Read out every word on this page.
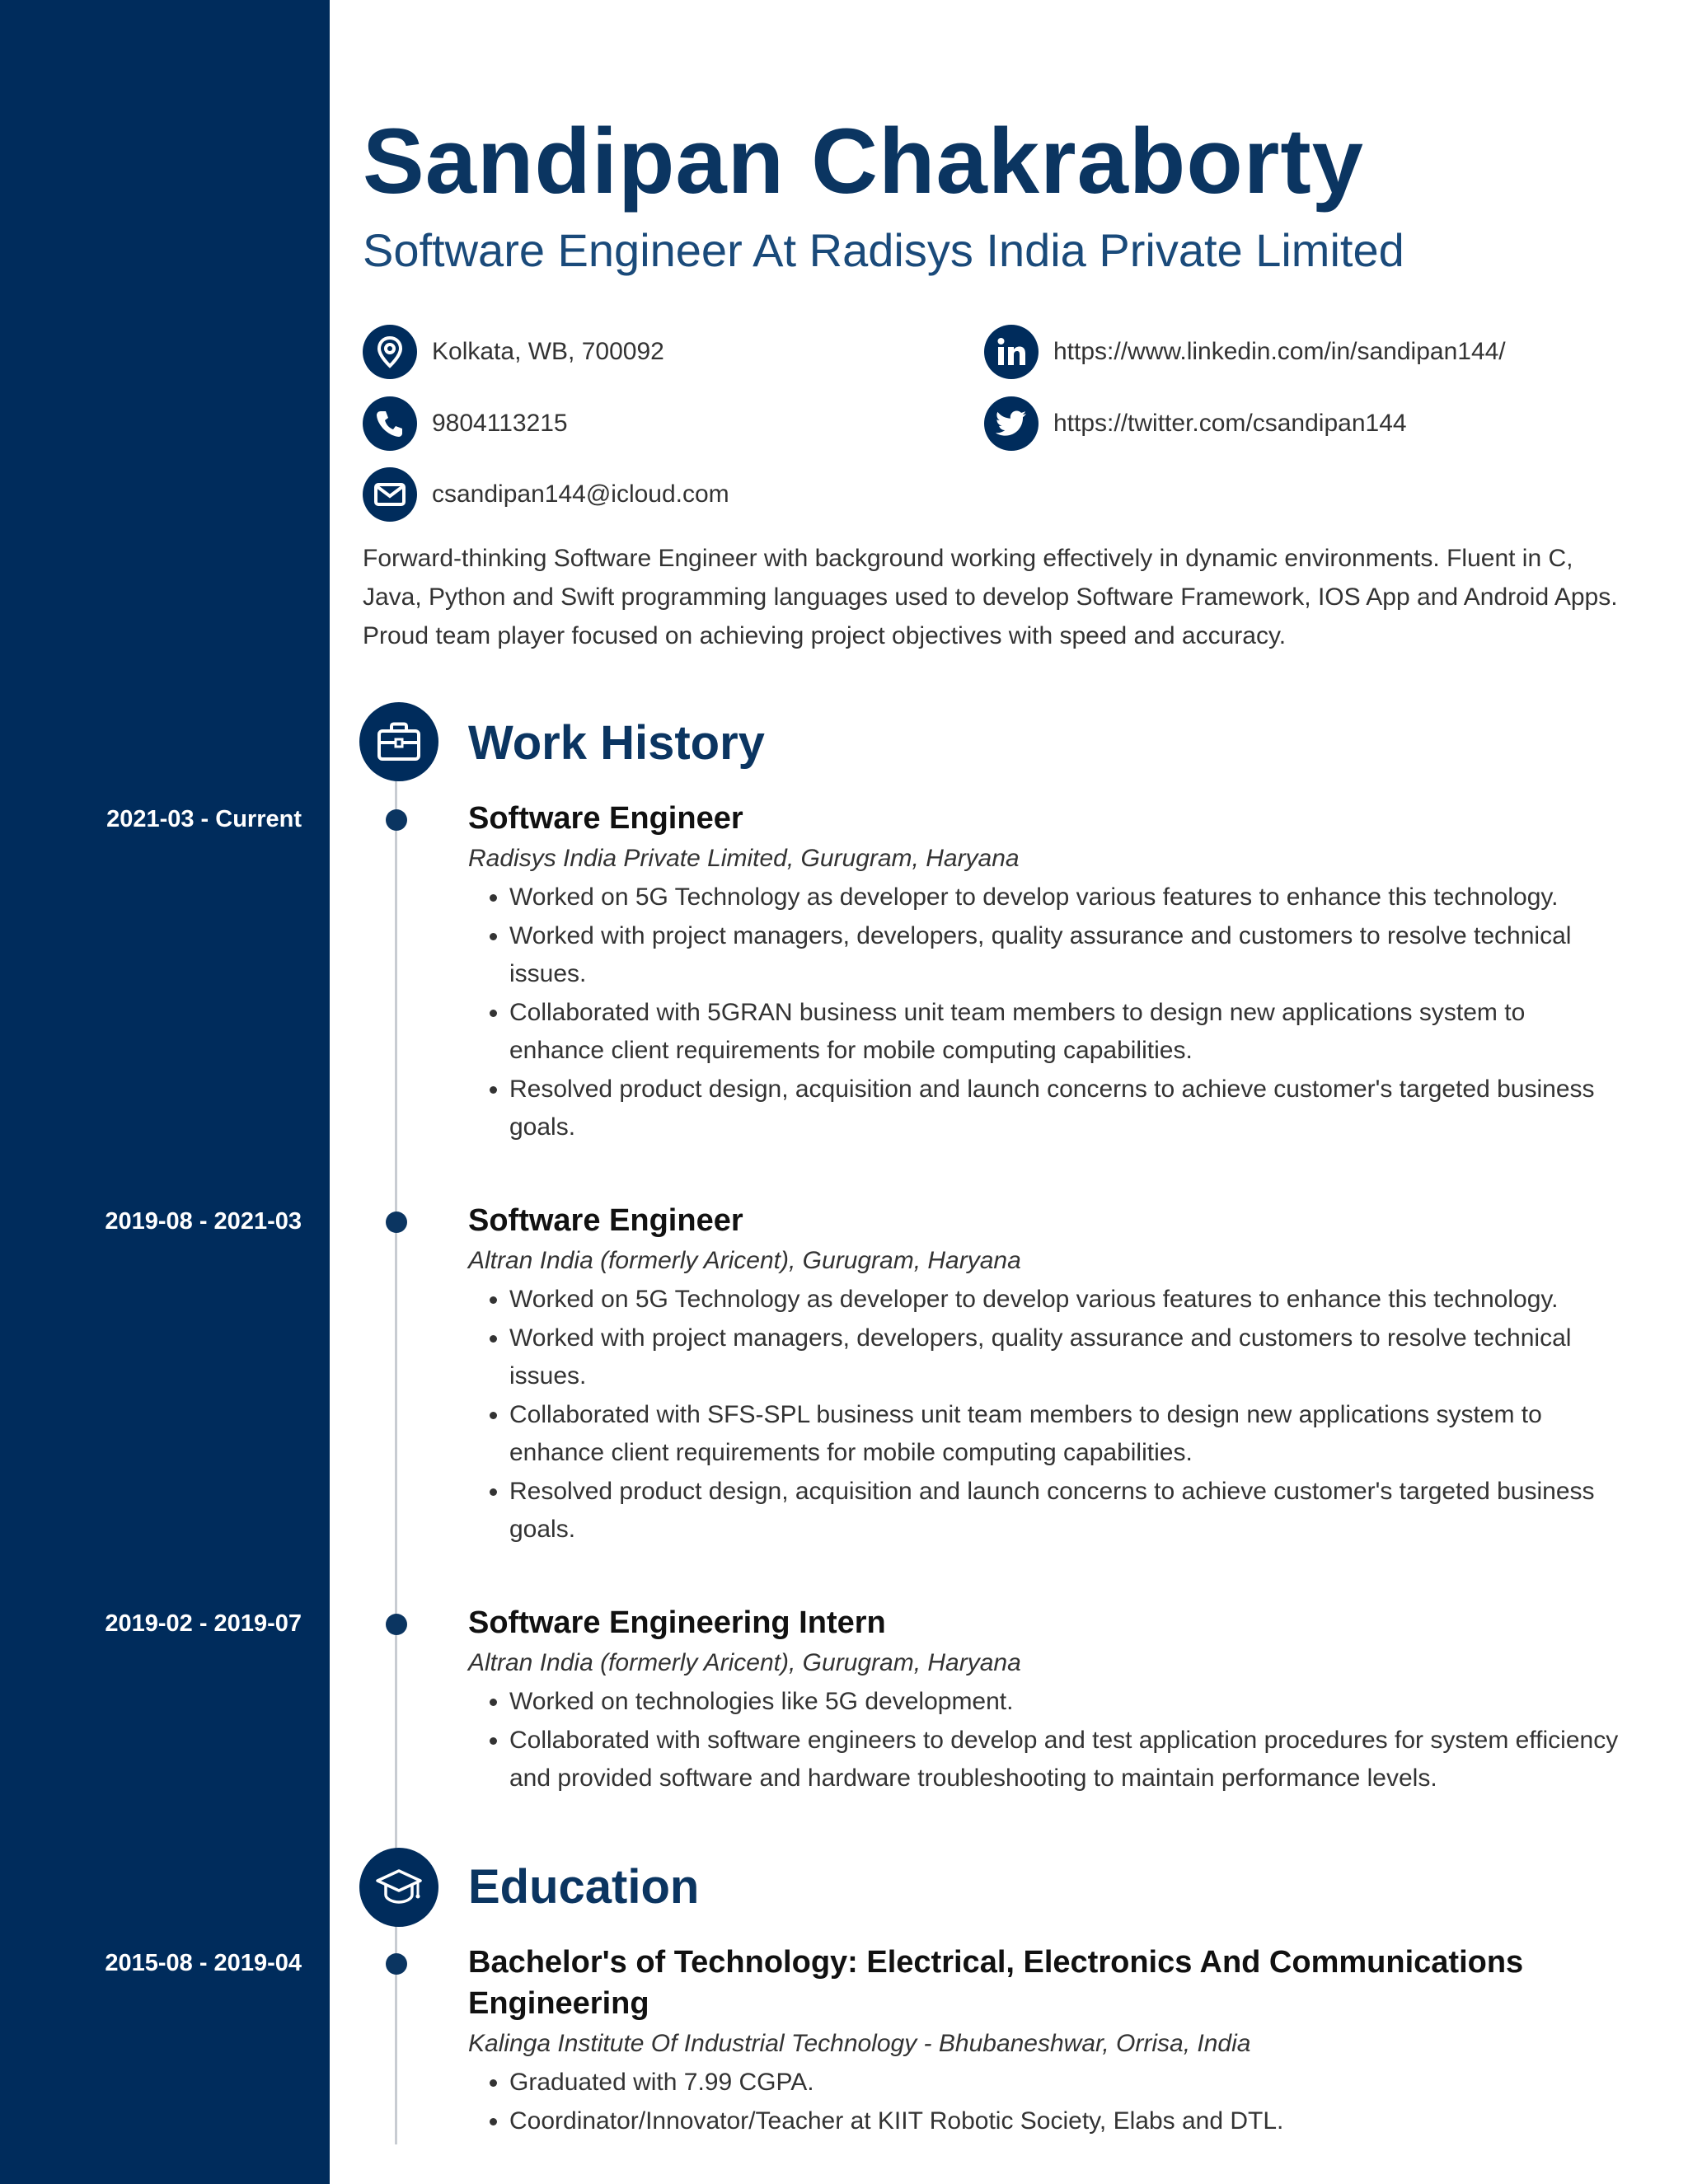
Sandipan Chakraborty
Software Engineer At Radisys India Private Limited
Kolkata, WB, 700092
9804113215
csandipan144@icloud.com
https://www.linkedin.com/in/sandipan144/
https://twitter.com/csandipan144
Forward-thinking Software Engineer with background working effectively in dynamic environments. Fluent in C, Java, Python and Swift programming languages used to develop Software Framework, IOS App and Android Apps. Proud team player focused on achieving project objectives with speed and accuracy.
Work History
2021-03 - Current	Software Engineer
Radisys India Private Limited, Gurugram, Haryana
• Worked on 5G Technology as developer to develop various features to enhance this technology.
• Worked with project managers, developers, quality assurance and customers to resolve technical issues.
• Collaborated with 5GRAN business unit team members to design new applications system to enhance client requirements for mobile computing capabilities.
• Resolved product design, acquisition and launch concerns to achieve customer's targeted business goals.
2019-08 - 2021-03	Software Engineer
Altran India (formerly Aricent), Gurugram, Haryana
• Worked on 5G Technology as developer to develop various features to enhance this technology.
• Worked with project managers, developers, quality assurance and customers to resolve technical issues.
• Collaborated with SFS-SPL business unit team members to design new applications system to enhance client requirements for mobile computing capabilities.
• Resolved product design, acquisition and launch concerns to achieve customer's targeted business goals.
2019-02 - 2019-07	Software Engineering Intern
Altran India (formerly Aricent), Gurugram, Haryana
• Worked on technologies like 5G development.
• Collaborated with software engineers to develop and test application procedures for system efficiency and provided software and hardware troubleshooting to maintain performance levels.
Education
2015-08 - 2019-04	Bachelor's of Technology: Electrical, Electronics And Communications Engineering
Kalinga Institute Of Industrial Technology - Bhubaneshwar, Orrisa, India
• Graduated with 7.99 CGPA.
• Coordinator/Innovator/Teacher at KIIT Robotic Society, Elabs and DTL.
